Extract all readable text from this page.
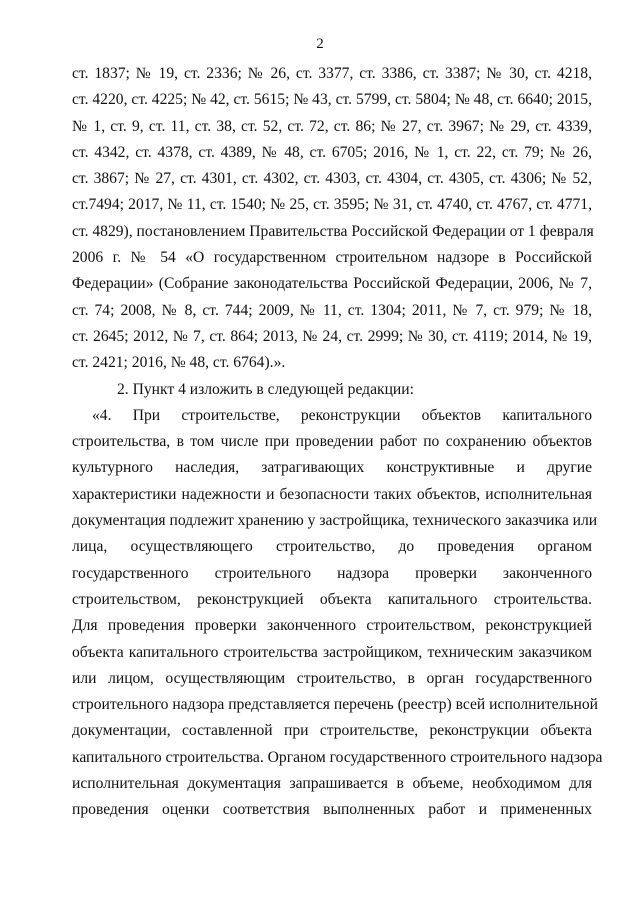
2
ст. 1837; № 19, ст. 2336; № 26, ст. 3377, ст. 3386, ст. 3387; № 30, ст. 4218,
ст. 4220, ст. 4225; № 42, ст. 5615; № 43, ст. 5799, ст. 5804; № 48, ст. 6640; 2015,
№ 1, ст. 9, ст. 11, ст. 38, ст. 52, ст. 72, ст. 86; № 27, ст. 3967; № 29, ст. 4339,
ст. 4342, ст. 4378, ст. 4389, № 48, ст. 6705; 2016, № 1, ст. 22, ст. 79; № 26,
ст. 3867; № 27, ст. 4301, ст. 4302, ст. 4303, ст. 4304, ст. 4305, ст. 4306; № 52,
ст.7494; 2017, № 11, ст. 1540; № 25, ст. 3595; № 31, ст. 4740, ст. 4767, ст. 4771,
ст. 4829), постановлением Правительства Российской Федерации от 1 февраля
2006 г. № 54 «О государственном строительном надзоре в Российской
Федерации» (Собрание законодательства Российской Федерации, 2006, № 7,
ст. 74; 2008, № 8, ст. 744; 2009, № 11, ст. 1304; 2011, № 7, ст. 979; № 18,
ст. 2645; 2012, № 7, ст. 864; 2013, № 24, ст. 2999; № 30, ст. 4119; 2014, № 19,
ст. 2421; 2016, № 48, ст. 6764).».
2. Пункт 4 изложить в следующей редакции:
«4. При строительстве, реконструкции объектов капитального
строительства, в том числе при проведении работ по сохранению объектов
культурного наследия, затрагивающих конструктивные и другие
характеристики надежности и безопасности таких объектов, исполнительная
документация подлежит хранению у застройщика, технического заказчика или
лица, осуществляющего строительство, до проведения органом
государственного строительного надзора проверки законченного
строительством, реконструкцией объекта капитального строительства.
Для проведения проверки законченного строительством, реконструкцией
объекта капитального строительства застройщиком, техническим заказчиком
или лицом, осуществляющим строительство, в орган государственного
строительного надзора представляется перечень (реестр) всей исполнительной
документации, составленной при строительстве, реконструкции объекта
капитального строительства. Органом государственного строительного надзора
исполнительная документация запрашивается в объеме, необходимом для
проведения оценки соответствия выполненных работ и примененных
